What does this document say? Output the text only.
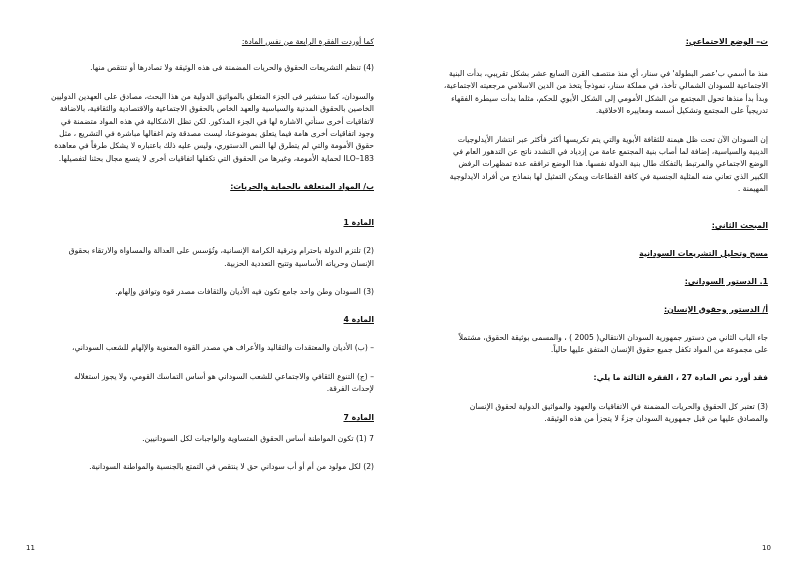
كما أوردت الفقرة الرابعة من نفس المادة:

(4) تنظم التشريعات الحقوق والحريات المضمنة فى هذه الوثيقة ولا تصادرها أو تنتقص منها.

والسودان، كما سنشير فى الجزء المتعلق بالمواثيق الدولية من هذا البحث، مصادق على العهدين الدوليين

الخاصين بالحقوق المدنية والسياسية والعهد الخاص بالحقوق الاجتماعية والاقتصادية والثقافية، بالاضافة

لاتفاقيات أخرى سنأتي الاشارة لها في الجزء المذكور. لكن تظل الاشكالية في هذه المواد متضمنة في

وجود اتفاقيات أخرى هامة فيما يتعلق بموضوعنا، ليست مصدقة وتم اغفالها مباشرة في التشريع ، مثل

حقوق الأمومة والتي لم يتطرق لها النص الدستوري، وليس عليه ذلك باعتباره لا يشكل طرفاً في معاهدة

ILO–183 لحماية الأمومة، وغيرها من الحقوق التي تكفلها اتفاقيات أخرى لا يتسع مجال بحثنا لتفصيلها.

ب/ المواد المتعلقة بالحماية والحريات:

المادة 1

(2) تلتزم الدولة باحترام وترقية الكرامة الإنسانية، وتُؤسس على العدالة والمساواة والارتقاء بحقوق

الإنسان وحرياته الأساسية وتتيح التعددية الحزبية.

(3) السودان وطن واحد جامع تكون فيه الأديان والثقافات مصدر قوة وتوافق وإلهام.

المادة 4

– (ب) الأديان والمعتقدات والتقاليد والأعراف هي مصدر القوة المعنوية والإلهام للشعب السوداني،

– (ج) التنوع الثقافي والاجتماعي للشعب السوداني هو أساس التماسك القومي، ولا يجوز استغلاله

لإحداث الفرقة.

المادة 7

7 (1) تكون المواطنة أساس الحقوق المتساوية والواجبات لكل السودانيين.

(2) لكل مولود من أم أو أب سوداني حق لا ينتقص في التمتع بالجنسية والمواطنة السودانية.

11

ت– الوضع الاجتماعي:

منذ ما أسمي ب'عصر البطولة' في سنار، أي منذ منتصف القرن السابع عشر بشكل تقريبي، بدأت البنية

الاجتماعية للسودان الشمالي تأخذ، في مملكة سنار، نموذجاً يتخذ من الدين الاسلامي مرجعيته الاجتماعية،

وبدأ بدأ منذها تحول المجتمع من الشكل الأمومي إلى الشكل الأبوي للحكم، مثلما بدأت سيطرة الفقهاء

تدريجياً على المجتمع وتشكيل أسسه ومعاييره الاخلاقية.

إن السودان الآن تحت ظل هيمنة للثقافة الأبوية والتي يتم تكريسها أكثر فأكثر عبر انتشار الأيدلوجيات

الدينية والسياسية، إضافة لما أصاب بنية المجتمع عامة من إزدياد في التشدد ناتج عن التدهور العام في

الوضع الاجتماعي والمرتبط بالتفكك طال بنية الدولة نفسها. هذا الوضع ترافقه عدة تمظهرات الرفض

الكبير الذي تعاني منه المثلية الجنسية في كافة القطاعات ويمكن التمثيل لها بنماذج من أفراد الايدلوجية

المهيمنة .

المبحث الثاني:

مسح وتحليل التشريعات السودانية

1. الدستور السوداني:

أ/ الدستور وحقوق الإنسان:

جاء الباب الثاني من دستور جمهورية السودان الانتقالي( 2005 ) ، والمسمى بوثيقة الحقوق، مشتملاً

على مجموعة من المواد تكفل جميع حقوق الإنسان المتفق عليها حالياً.

فقد أورد نص المادة 27 ، الفقرة الثالثة ما يلي:

(3) تعتبر كل الحقوق والحريات المضمنة في الاتفاقيات والعهود والمواثيق الدولية لحقوق الإنسان

والمصادق عليها من قبل جمهورية السودان جزءً لا يتجزأ من هذه الوثيقة.

10
